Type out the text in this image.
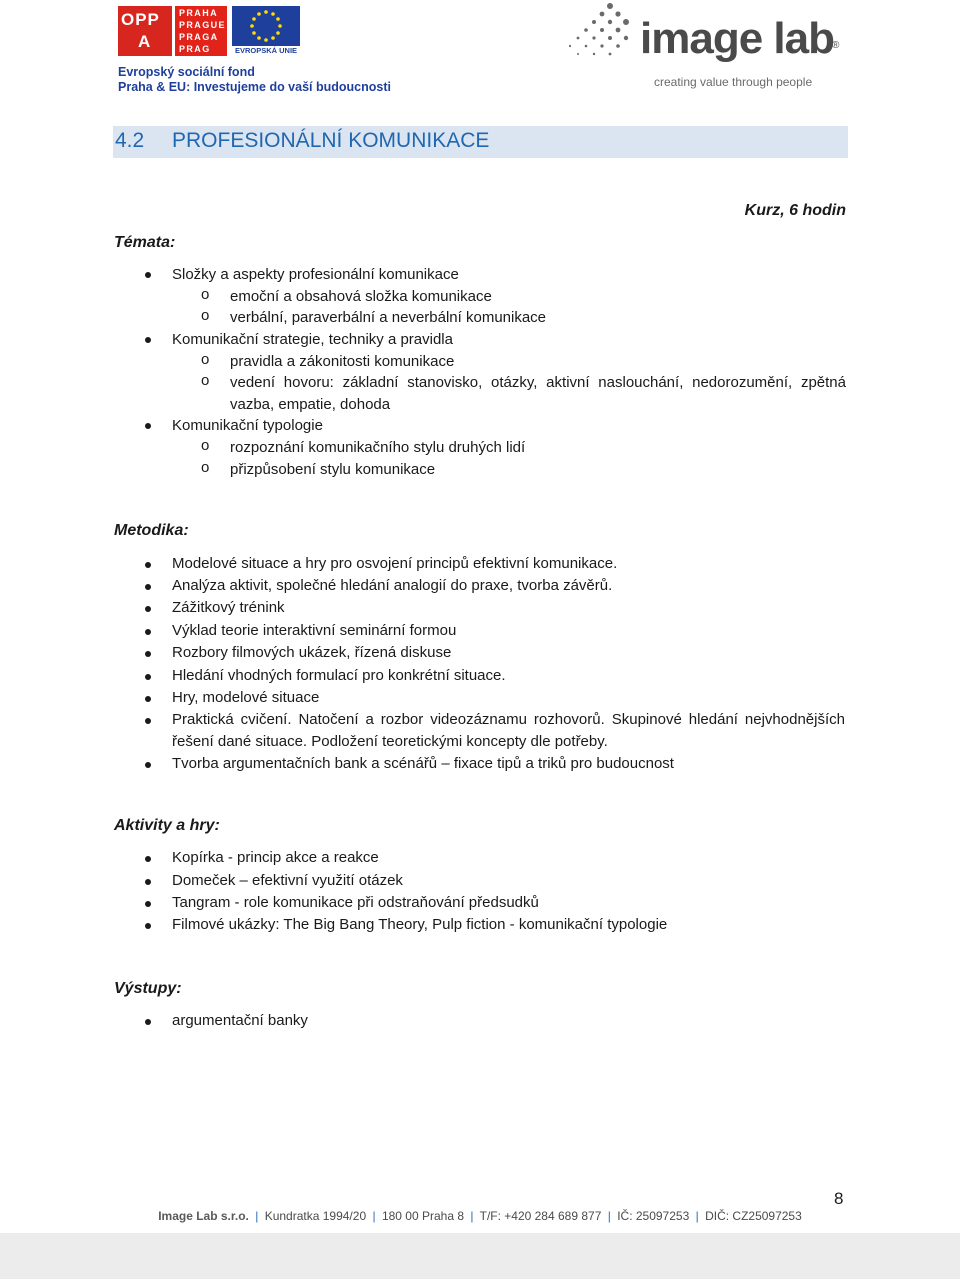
OPP
A
PRAHA
PRAGUE
PRAGA
PRAG	EVROPSKÁ UNIE
Evropský sociální fond
Praha & EU: Investujeme do vaší budoucnosti
image lab
®
creating value through people
4.2 PROFESIONÁLNÍ KOMUNIKACE
Kurz, 6 hodin
Témata:
Složky a aspekty profesionální komunikace
o emoční a obsahová složka komunikace
o verbální, paraverbální a neverbální komunikace
Komunikační strategie, techniky a pravidla
o pravidla a zákonitosti komunikace
o vedení hovoru: základní stanovisko, otázky, aktivní naslouchání, nedorozumění, zpětná vazba, empatie, dohoda
Komunikační typologie
o rozpoznání komunikačního stylu druhých lidí
o přizpůsobení stylu komunikace
Metodika:
Modelové situace a hry pro osvojení principů efektivní komunikace.
Analýza aktivit, společné hledání analogií do praxe, tvorba závěrů.
Zážitkový trénink
Výklad teorie interaktivní seminární formou
Rozbory filmových ukázek, řízená diskuse
Hledání vhodných formulací pro konkrétní situace.
Hry, modelové situace
Praktická cvičení. Natočení a rozbor videozáznamu rozhovorů. Skupinové hledání nejvhodnějších řešení dané situace. Podložení teoretickými koncepty dle potřeby.
Tvorba argumentačních bank a scénářů – fixace tipů a triků pro budoucnost
Aktivity a hry:
Kopírka - princip akce a reakce
Domeček – efektivní využití otázek
Tangram - role komunikace při odstraňování předsudků
Filmové ukázky: The Big Bang Theory, Pulp fiction - komunikační typologie
Výstupy:
argumentační banky
8
Image Lab s.r.o. | Kundratka 1994/20 | 180 00 Praha 8 | T/F: +420 284 689 877 | IČ: 25097253 | DIČ: CZ25097253
